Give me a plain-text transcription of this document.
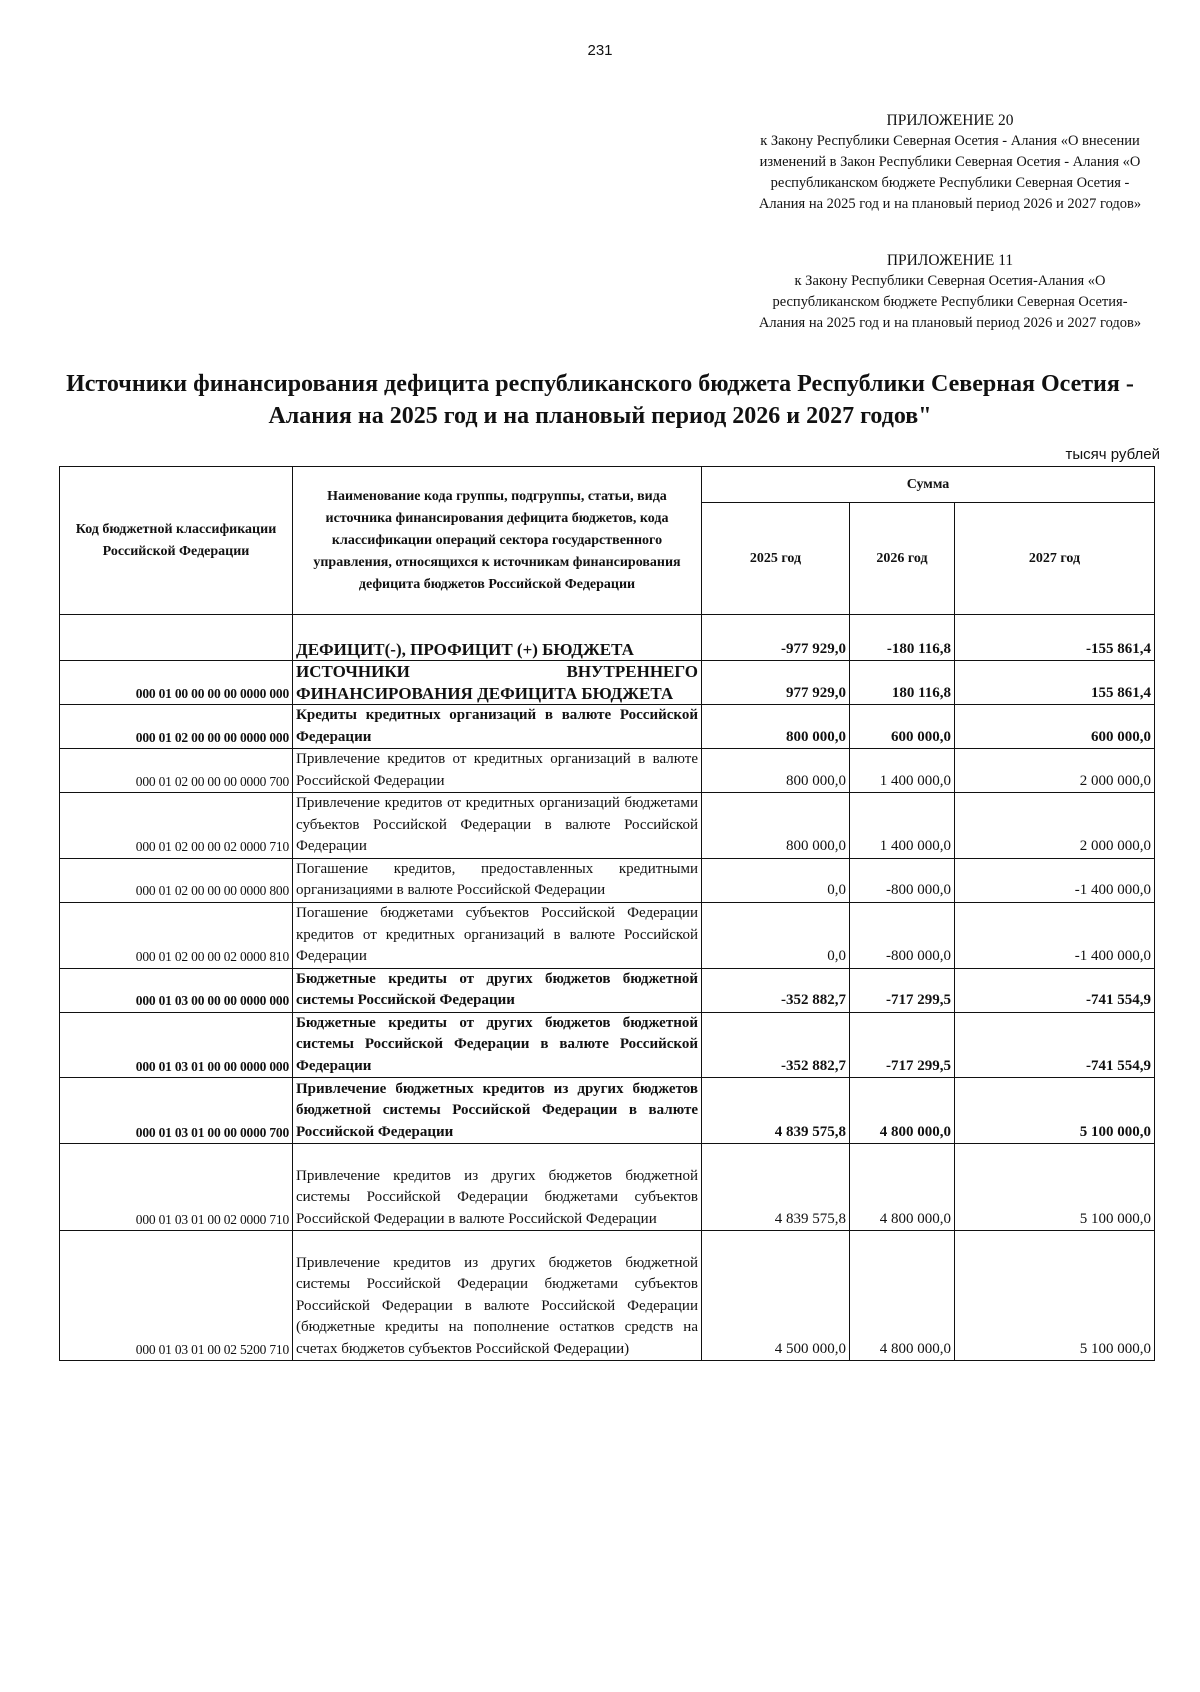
231
ПРИЛОЖЕНИЕ 20
к Закону Республики Северная Осетия - Алания «О внесении изменений в Закон Республики Северная Осетия - Алания «О республиканском бюджете Республики Северная Осетия - Алания на 2025 год и на плановый период 2026 и 2027 годов»
ПРИЛОЖЕНИЕ 11
к Закону Республики Северная Осетия-Алания «О республиканском бюджете Республики Северная Осетия-Алания на 2025 год и на плановый период 2026 и 2027 годов»
Источники финансирования дефицита республиканского бюджета Республики Северная Осетия - Алания на 2025 год и на плановый период 2026 и 2027 годов"
тысяч рублей
Код бюджетной классификации Российской Федерации	Наименование кода группы, подгруппы, статьи, вида источника финансирования дефицита бюджетов, кода классификации операций сектора государственного управления, относящихся к источникам финансирования дефицита бюджетов Российской Федерации	Сумма		
		2025 год	2026 год	2027 год
	ДЕФИЦИТ(-), ПРОФИЦИТ (+) БЮДЖЕТА	-977 929,0	-180 116,8	-155 861,4
000 01 00 00 00 00 0000 000	ИСТОЧНИКИ ВНУТРЕННЕГО ФИНАНСИРОВАНИЯ ДЕФИЦИТА БЮДЖЕТА	977 929,0	180 116,8	155 861,4
000 01 02 00 00 00 0000 000	Кредиты кредитных организаций в валюте Российской Федерации	800 000,0	600 000,0	600 000,0
000 01 02 00 00 00 0000 700	Привлечение кредитов от кредитных организаций в валюте Российской Федерации	800 000,0	1 400 000,0	2 000 000,0
000 01 02 00 00 02 0000 710	Привлечение кредитов от кредитных организаций бюджетами субъектов Российской Федерации в валюте Российской Федерации	800 000,0	1 400 000,0	2 000 000,0
000 01 02 00 00 00 0000 800	Погашение кредитов, предоставленных кредитными организациями в валюте Российской Федерации	0,0	-800 000,0	-1 400 000,0
000 01 02 00 00 02 0000 810	Погашение бюджетами субъектов Российской Федерации кредитов от кредитных организаций в валюте Российской Федерации	0,0	-800 000,0	-1 400 000,0
000 01 03 00 00 00 0000 000	Бюджетные кредиты от других бюджетов бюджетной системы Российской Федерации	-352 882,7	-717 299,5	-741 554,9
000 01 03 01 00 00 0000 000	Бюджетные кредиты от других бюджетов бюджетной системы Российской Федерации в валюте Российской Федерации	-352 882,7	-717 299,5	-741 554,9
000 01 03 01 00 00 0000 700	Привлечение бюджетных кредитов из других бюджетов бюджетной системы Российской Федерации в валюте Российской Федерации	4 839 575,8	4 800 000,0	5 100 000,0
000 01 03 01 00 02 0000 710	Привлечение кредитов из других бюджетов бюджетной системы Российской Федерации бюджетами субъектов Российской Федерации в валюте Российской Федерации	4 839 575,8	4 800 000,0	5 100 000,0
000 01 03 01 00 02 5200 710	Привлечение кредитов из других бюджетов бюджетной системы Российской Федерации бюджетами субъектов Российской Федерации в валюте Российской Федерации (бюджетные кредиты на пополнение остатков средств на счетах бюджетов субъектов Российской Федерации)	4 500 000,0	4 800 000,0	5 100 000,0
